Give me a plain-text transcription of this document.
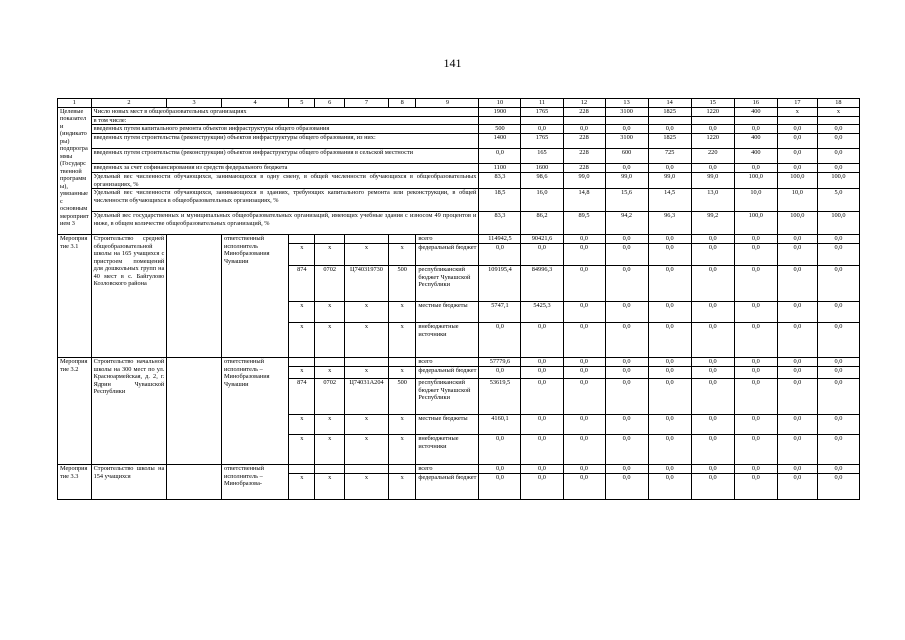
141
1	2	3	4	5	6	7	8	9	10	11	12	13	14	15	16	17	18
Целевые показатели (индикаторы) подпрограммы (Государственной программы), увязанные с основным мероприятием 3	Число новых мест в общеобразовательных организациях								1900	1765	228	3100	1825	1220	400	x	x
	в том числе:																
	введенных путем капитального ремонта объектов инфраструктуры общего образования								500	0,0	0,0	0,0	0,0	0,0	0,0	0,0	0,0
	введенных путем строительства (реконструкции) объектов инфраструктуры общего образования, из них:								1400	1765	228	3100	1825	1220	400	0,0	0,0
	введенных путем строительства (реконструкции) объектов инфраструктуры общего образования в сельской местности								0,0	165	228	600	725	220	400	0,0	0,0
	введенных за счет софинансирования из средств федерального бюджета								1100	1600	228	0,0	0,0	0,0	0,0	0,0	0,0
	Удельный вес численности обучающихся, занимающихся в одну смену, в общей численности обучающихся в общеобразовательных организациях, %								83,3	98,6	99,0	99,0	99,0	99,0	100,0	100,0	100,0
	Удельный вес численности обучающихся, занимающихся в зданиях, требующих капитального ремонта или реконструкции, в общей численности обучающихся в общеобразовательных организациях, %								18,5	16,0	14,8	15,6	14,5	13,0	10,0	10,0	5,0
	Удельный вес государственных и муниципальных общеобразовательных организаций, имеющих учебные здания с износом 49 процентов и ниже, в общем количестве общеобразовательных организаций, %								83,3	86,2	89,5	94,2	96,3	99,2	100,0	100,0	100,0
Мероприятие 3.1	Строительство средней общеобразовательной школы на 165 учащихся с пристроем помещений для дошкольных групп на 40 мест в с. Байгулово Козловского района		ответственный исполнитель Минобразования Чувашии					всего	114942,5	90421,6	0,0	0,0	0,0	0,0	0,0	0,0	0,0
				x	x	x	x	федеральный бюджет	0,0	0,0	0,0	0,0	0,0	0,0	0,0	0,0	0,0
				874	0702	Ц740319730	500	республиканский бюджет Чувашской Республики	109195,4	84996,3	0,0	0,0	0,0	0,0	0,0	0,0	0,0
				x	x	x	x	местные бюджеты	5747,1	5425,3	0,0	0,0	0,0	0,0	0,0	0,0	0,0
				x	x	x	x	внебюджетные источники	0,0	0,0	0,0	0,0	0,0	0,0	0,0	0,0	0,0
Мероприятие 3.2	Строительство начальной школы на 300 мест по ул. Красноармейская, д. 2, г. Ядрин Чувашской Республики		ответственный исполнитель – Минобразования Чувашии					всего	57779,6	0,0	0,0	0,0	0,0	0,0	0,0	0,0	0,0
				x	x	x	x	федеральный бюджет	0,0	0,0	0,0	0,0	0,0	0,0	0,0	0,0	0,0
				874	0702	Ц74031А204	500	республиканский бюджет Чувашской Республики	53619,5	0,0	0,0	0,0	0,0	0,0	0,0	0,0	0,0
				x	x	x	x	местные бюджеты	4160,1	0,0	0,0	0,0	0,0	0,0	0,0	0,0	0,0
				x	x	x	x	внебюджетные источники	0,0	0,0	0,0	0,0	0,0	0,0	0,0	0,0	0,0
Мероприятие 3.3	Строительство школы на 154 учащихся		ответственный исполнитель – Минобразова-					всего	0,0	0,0	0,0	0,0	0,0	0,0	0,0	0,0	0,0
				x	x	x	x	федеральный бюджет	0,0	0,0	0,0	0,0	0,0	0,0	0,0	0,0	0,0
